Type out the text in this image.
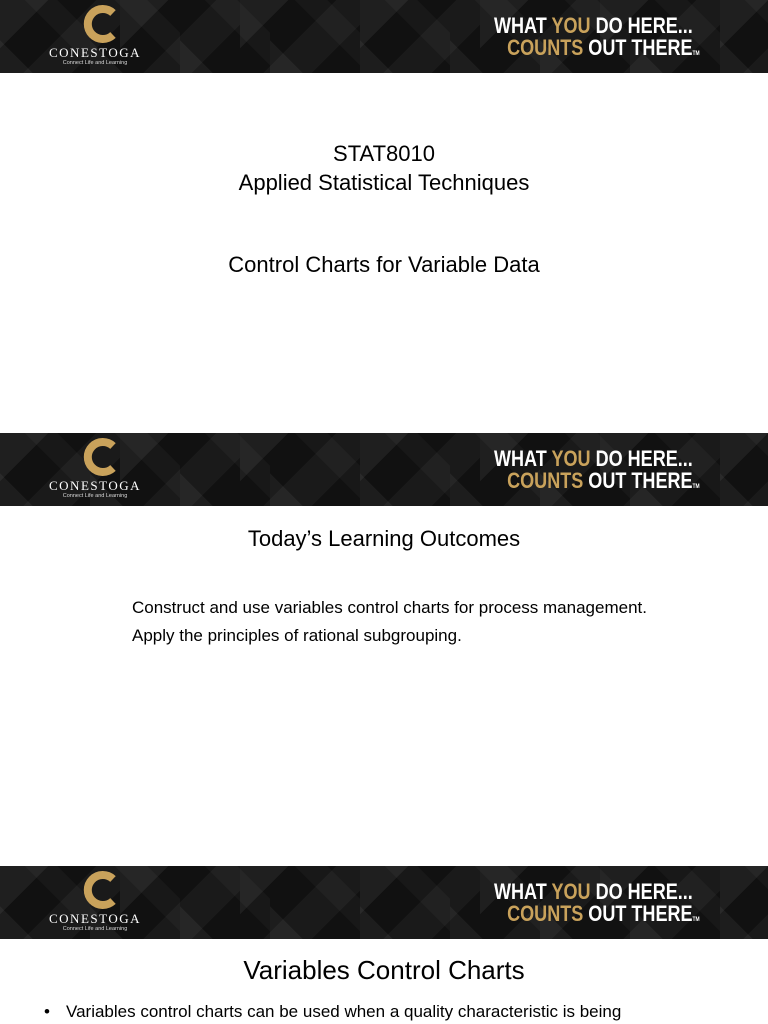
CONESTOGA
Connect Life and Learning
WHAT YOU DO HERE...
COUNTS OUT THERETM
STAT8010
Applied Statistical Techniques
Control Charts for Variable Data
CONESTOGA
Connect Life and Learning
WHAT YOU DO HERE...
COUNTS OUT THERETM
Today’s Learning Outcomes

Construct and use variables control charts for process management.

Apply the principles of rational subgrouping.

CONESTOGA
Connect Life and Learning
WHAT YOU DO HERE...
COUNTS OUT THERETM
Variables Control Charts
• Variables control charts can be used when a quality characteristic is being
